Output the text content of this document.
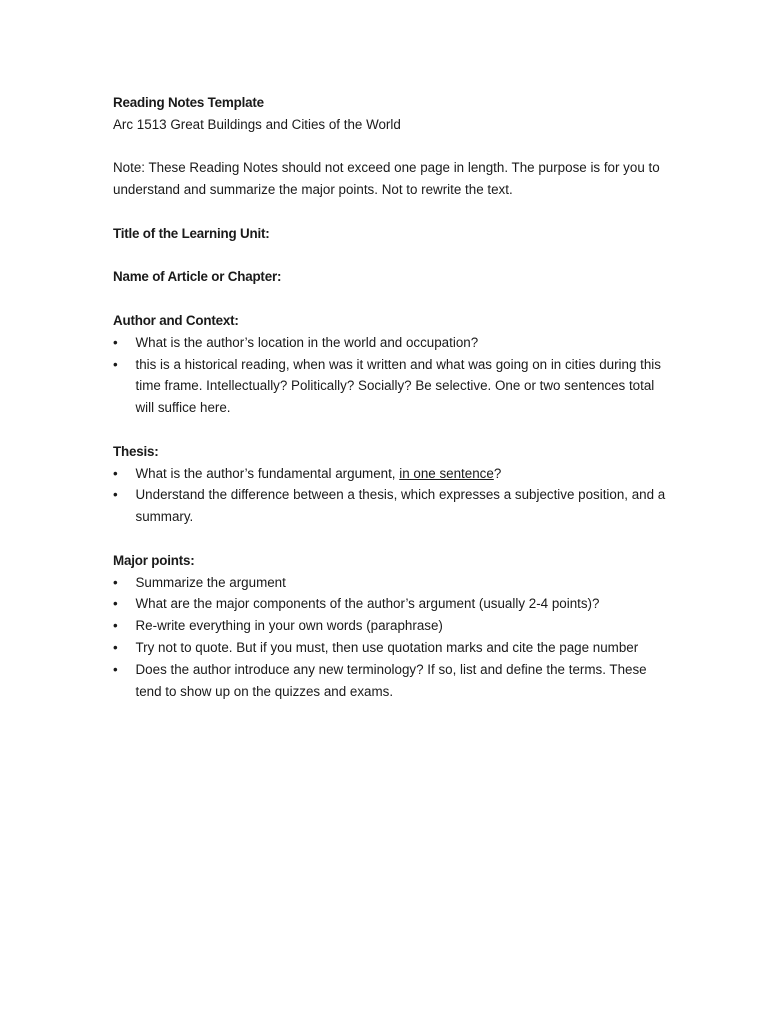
Reading Notes Template
Arc 1513 Great Buildings and Cities of the World
Note: These Reading Notes should not exceed one page in length. The purpose is for you to understand and summarize the major points. Not to rewrite the text.
Title of the Learning Unit:
Name of Article or Chapter:
Author and Context:
•	What is the author’s location in the world and occupation?
•	this is a historical reading, when was it written and what was going on in cities during this time frame. Intellectually? Politically? Socially? Be selective. One or two sentences total will suffice here.
Thesis:
•	What is the author’s fundamental argument, in one sentence?
•	Understand the difference between a thesis, which expresses a subjective position, and a summary.
Major points:
•	Summarize the argument
•	What are the major components of the author’s argument (usually 2-4 points)?
•	Re-write everything in your own words (paraphrase)
•	Try not to quote. But if you must, then use quotation marks and cite the page number
•	Does the author introduce any new terminology? If so, list and define the terms. These tend to show up on the quizzes and exams.
